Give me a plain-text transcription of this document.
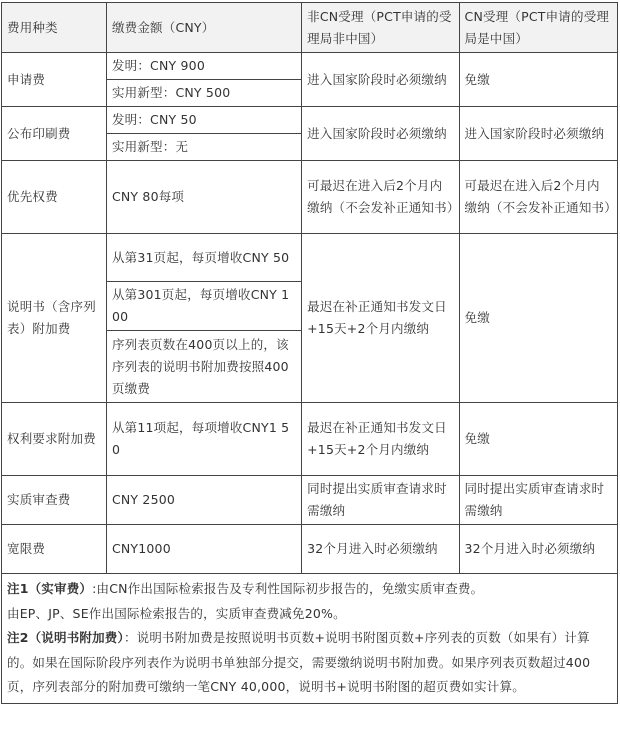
费用种类	缴费金额（CNY）	非CN受理（PCT申请的受理局非中国）	CN受理（PCT申请的受理局是中国）
申请费	发明：CNY 900	进入国家阶段时必须缴纳	免缴
	实用新型：CNY 500		
公布印刷费	发明：CNY 50	进入国家阶段时必须缴纳	进入国家阶段时必须缴纳
	实用新型：无		
优先权费	CNY 80每项	可最迟在进入后2个月内缴纳（不会发补正通知书）	可最迟在进入后2个月内缴纳（不会发补正通知书）
说明书（含序列表）附加费	从第31页起，每页增收CNY 50	最迟在补正通知书发文日+15天+2个月内缴纳	免缴
	从第301页起，每页增收CNY 100		
	序列表页数在400页以上的，该序列表的说明书附加费按照400页缴费		
权利要求附加费	从第11项起，每项增收CNY1 50	最迟在补正通知书发文日+15天+2个月内缴纳	免缴
实质审查费	CNY 2500	同时提出实质审查请求时需缴纳	同时提出实质审查请求时需缴纳
宽限费	CNY1000	32个月进入时必须缴纳	32个月进入时必须缴纳

注1（实审费）:由CN作出国际检索报告及专利性国际初步报告的，免缴实质审查费。
由EP、JP、SE作出国际检索报告的，实质审查费减免20%。
注2（说明书附加费）：说明书附加费是按照说明书页数+说明书附图页数+序列表的页数（如果有）计算的。如果在国际阶段序列表作为说明书单独部分提交，需要缴纳说明书附加费。如果序列表页数超过400页，序列表部分的附加费可缴纳一笔CNY 40,000，说明书+说明书附图的超页费如实计算。			
